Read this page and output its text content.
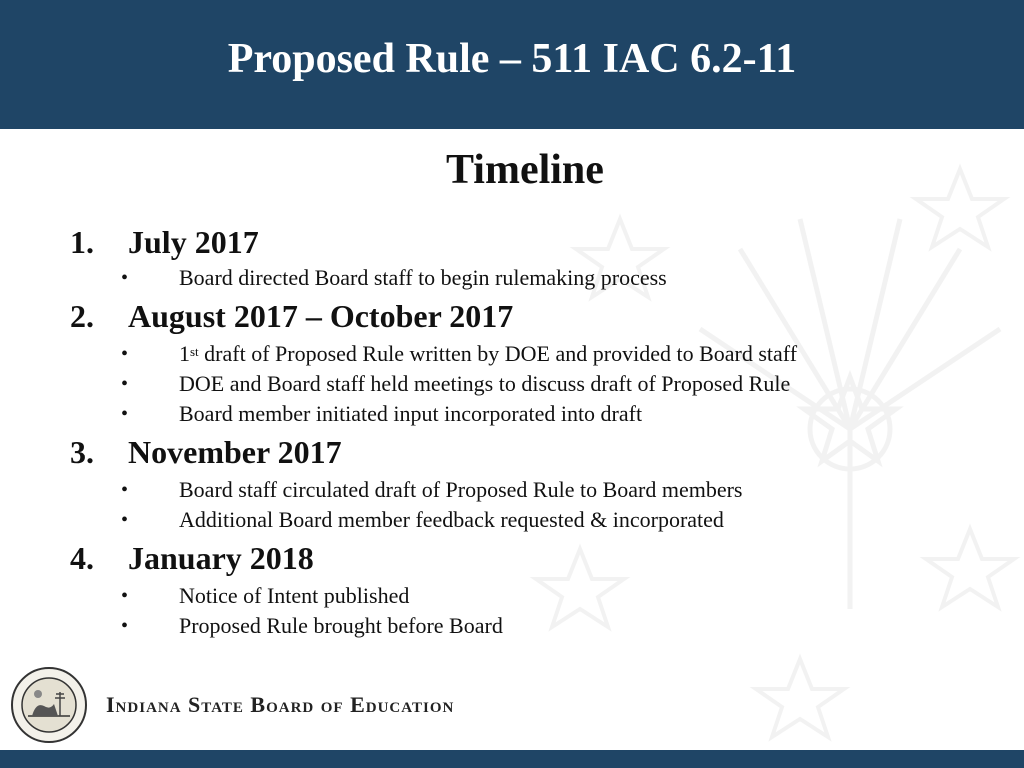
Proposed Rule – 511 IAC 6.2-11
Timeline
1. July 2017
• Board directed Board staff to begin rulemaking process
2. August 2017 – October 2017
• 1st draft of Proposed Rule written by DOE and provided to Board staff
• DOE and Board staff held meetings to discuss draft of Proposed Rule
• Board member initiated input incorporated into draft
3. November 2017
• Board staff circulated draft of Proposed Rule to Board members
• Additional Board member feedback requested & incorporated
4. January 2018
• Notice of Intent published
• Proposed Rule brought before Board
Indiana State Board of Education
